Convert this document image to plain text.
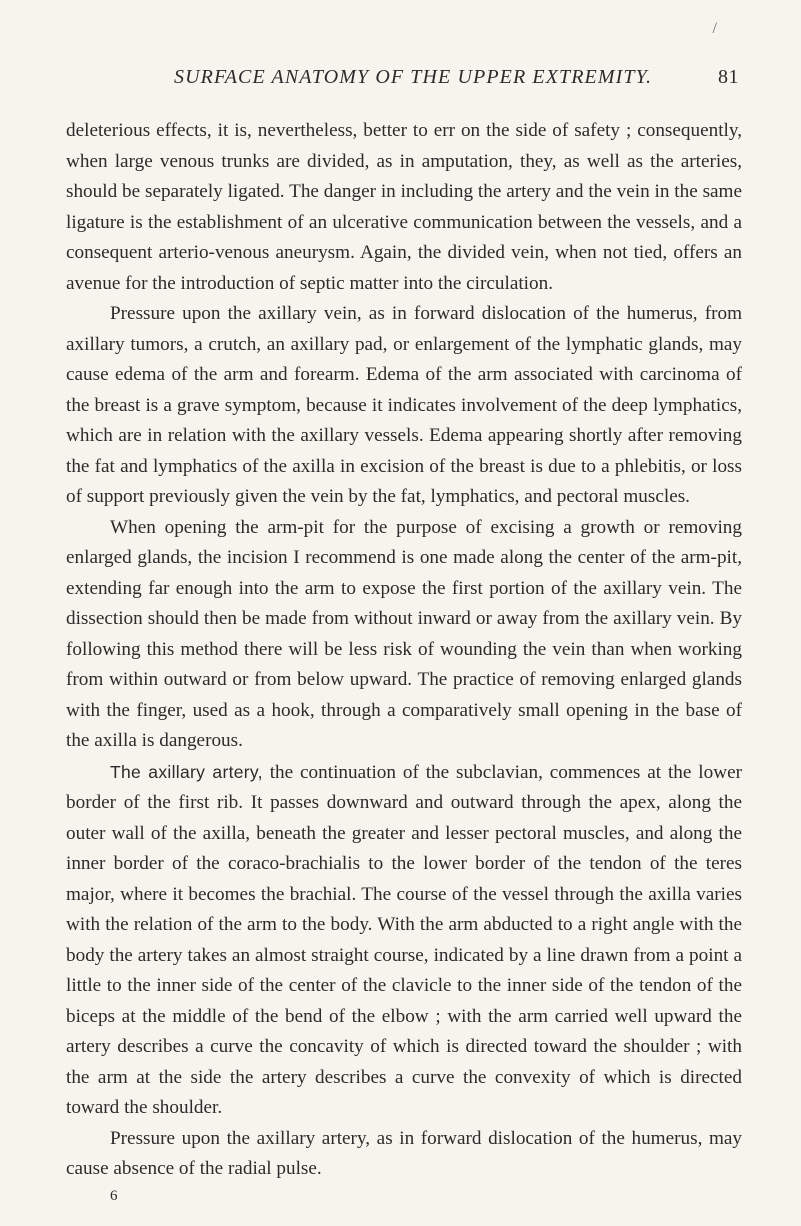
/
SURFACE ANATOMY OF THE UPPER EXTREMITY.	81

deleterious effects, it is, nevertheless, better to err on the side of safety ; consequently, when large venous trunks are divided, as in amputation, they, as well as the arteries, should be separately ligated. The danger in including the artery and the vein in the same ligature is the establishment of an ulcerative communication between the vessels, and a consequent arterio-venous aneurysm. Again, the divided vein, when not tied, offers an avenue for the introduction of septic matter into the circulation.

Pressure upon the axillary vein, as in forward dislocation of the humerus, from axillary tumors, a crutch, an axillary pad, or enlargement of the lymphatic glands, may cause edema of the arm and forearm. Edema of the arm associated with carcinoma of the breast is a grave symptom, because it indicates involvement of the deep lymphatics, which are in relation with the axillary vessels. Edema appearing shortly after removing the fat and lymphatics of the axilla in excision of the breast is due to a phlebitis, or loss of support previously given the vein by the fat, lymphatics, and pectoral muscles.

When opening the arm-pit for the purpose of excising a growth or removing enlarged glands, the incision I recommend is one made along the center of the arm-pit, extending far enough into the arm to expose the first portion of the axillary vein. The dissection should then be made from without inward or away from the axillary vein. By following this method there will be less risk of wounding the vein than when working from within outward or from below upward. The practice of removing enlarged glands with the finger, used as a hook, through a comparatively small opening in the base of the axilla is dangerous.

The axillary artery, the continuation of the subclavian, commences at the lower border of the first rib. It passes downward and outward through the apex, along the outer wall of the axilla, beneath the greater and lesser pectoral muscles, and along the inner border of the coraco-brachialis to the lower border of the tendon of the teres major, where it becomes the brachial. The course of the vessel through the axilla varies with the relation of the arm to the body. With the arm abducted to a right angle with the body the artery takes an almost straight course, indicated by a line drawn from a point a little to the inner side of the center of the clavicle to the inner side of the tendon of the biceps at the middle of the bend of the elbow ; with the arm carried well upward the artery describes a curve the concavity of which is directed toward the shoulder ; with the arm at the side the artery describes a curve the convexity of which is directed toward the shoulder.

Pressure upon the axillary artery, as in forward dislocation of the humerus, may cause absence of the radial pulse.

6
